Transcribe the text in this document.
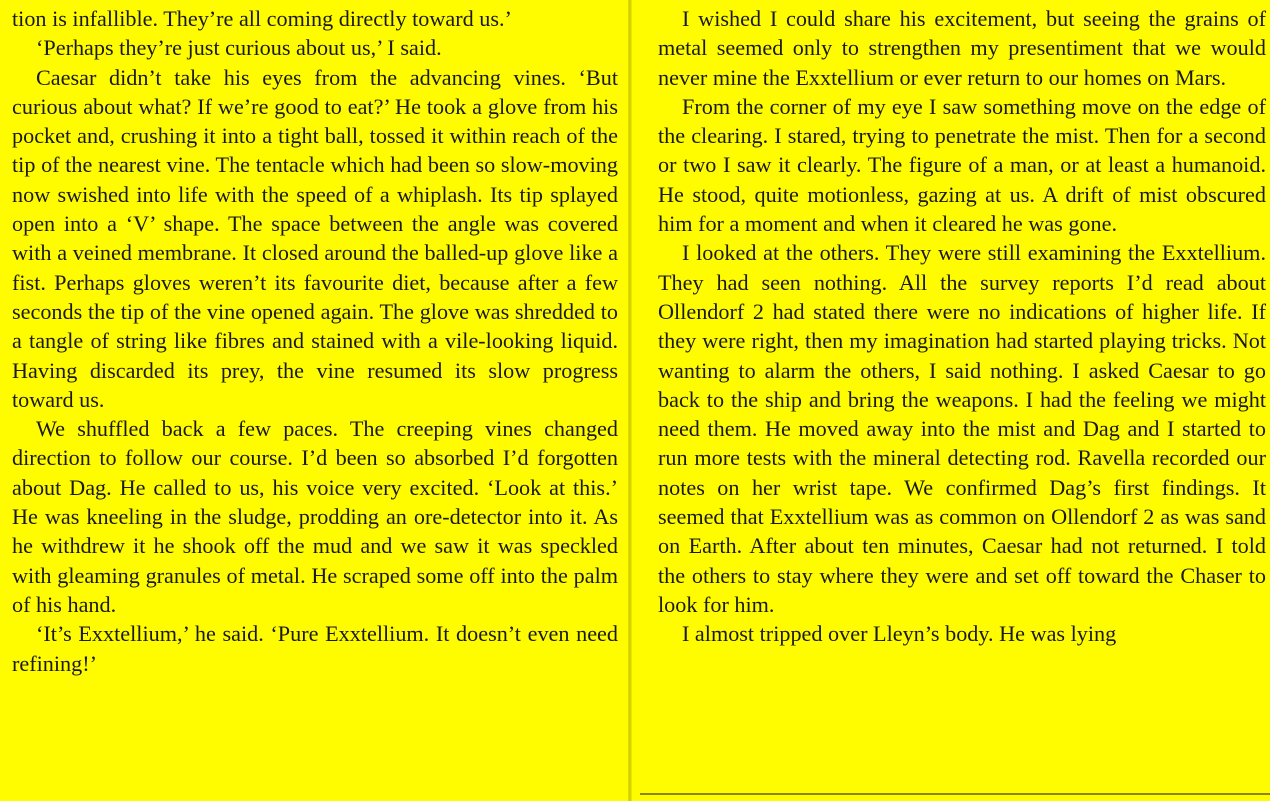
tion is infallible. They’re all coming directly toward us.’

‘Perhaps they’re just curious about us,’ I said.

Caesar didn’t take his eyes from the advancing vines. ‘But curious about what? If we’re good to eat?’ He took a glove from his pocket and, crushing it into a tight ball, tossed it within reach of the tip of the nearest vine. The tentacle which had been so slow-moving now swished into life with the speed of a whiplash. Its tip splayed open into a ‘V’ shape. The space between the angle was covered with a veined membrane. It closed around the balled-up glove like a fist. Perhaps gloves weren’t its favourite diet, because after a few seconds the tip of the vine opened again. The glove was shredded to a tangle of string like fibres and stained with a vile-looking liquid. Having discarded its prey, the vine resumed its slow progress toward us.

We shuffled back a few paces. The creeping vines changed direction to follow our course. I’d been so absorbed I’d forgotten about Dag. He called to us, his voice very excited. ‘Look at this.’ He was kneeling in the sludge, prodding an ore-detector into it. As he withdrew it he shook off the mud and we saw it was speckled with gleaming granules of metal. He scraped some off into the palm of his hand.

‘It’s Exxtellium,’ he said. ‘Pure Exxtellium. It doesn’t even need refining!’

I wished I could share his excitement, but seeing the grains of metal seemed only to strengthen my presentiment that we would never mine the Exxtellium or ever return to our homes on Mars.

From the corner of my eye I saw something move on the edge of the clearing. I stared, trying to penetrate the mist. Then for a second or two I saw it clearly. The figure of a man, or at least a humanoid. He stood, quite motionless, gazing at us. A drift of mist obscured him for a moment and when it cleared he was gone.

I looked at the others. They were still examining the Exxtellium. They had seen nothing. All the survey reports I’d read about Ollendorf 2 had stated there were no indications of higher life. If they were right, then my imagination had started playing tricks. Not wanting to alarm the others, I said nothing. I asked Caesar to go back to the ship and bring the weapons. I had the feeling we might need them. He moved away into the mist and Dag and I started to run more tests with the mineral detecting rod. Ravella recorded our notes on her wrist tape. We confirmed Dag’s first findings. It seemed that Exxtellium was as common on Ollendorf 2 as was sand on Earth. After about ten minutes, Caesar had not returned. I told the others to stay where they were and set off toward the Chaser to look for him.

I almost tripped over Lleyn’s body. He was lying
